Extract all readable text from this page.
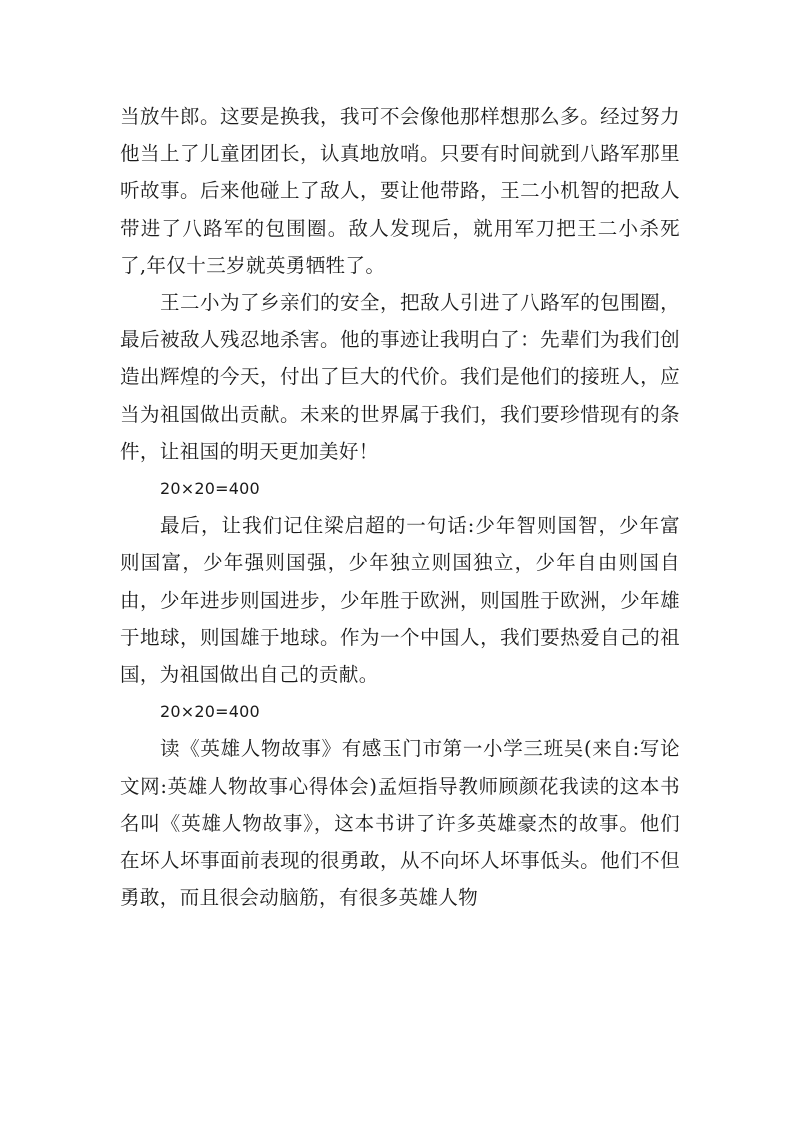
当放牛郎。这要是换我，我可不会像他那样想那么多。经过努力他当上了儿童团团长，认真地放哨。只要有时间就到八路军那里听故事。后来他碰上了敌人，要让他带路，王二小机智的把敌人带进了八路军的包围圈。敌人发现后，就用军刀把王二小杀死了,年仅十三岁就英勇牺牲了。

王二小为了乡亲们的安全，把敌人引进了八路军的包围圈，最后被敌人残忍地杀害。他的事迹让我明白了：先辈们为我们创造出辉煌的今天，付出了巨大的代价。我们是他们的接班人，应当为祖国做出贡献。未来的世界属于我们，我们要珍惜现有的条件，让祖国的明天更加美好！

20×20=400

最后，让我们记住梁启超的一句话:少年智则国智，少年富则国富，少年强则国强，少年独立则国独立，少年自由则国自由，少年进步则国进步，少年胜于欧洲，则国胜于欧洲，少年雄于地球，则国雄于地球。作为一个中国人，我们要热爱自己的祖国，为祖国做出自己的贡献。

20×20=400

读《英雄人物故事》有感玉门市第一小学三班吴(来自:写论文网:英雄人物故事心得体会)孟烜指导教师顾颜花我读的这本书名叫《英雄人物故事》，这本书讲了许多英雄豪杰的故事。他们在坏人坏事面前表现的很勇敢，从不向坏人坏事低头。他们不但勇敢，而且很会动脑筋，有很多英雄人物
